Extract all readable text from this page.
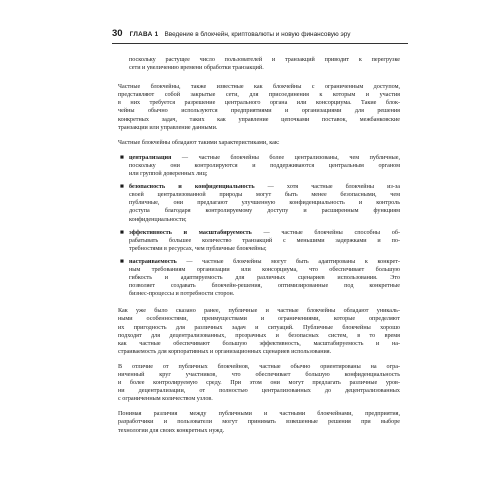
30 ГЛАВА 1 Введение в блокчейн, криптовалюты и новую финансовую эру

поскольку растущее число пользователей и транзакций приводит к перегрузке
сети и увеличению времени обработки транзакций.

Частные блокчейны, также известные как блокчейны с ограниченным доступом,
представляют собой закрытые сети, для присоединения к которым и участия
в них требуется разрешение центрального органа или консорциума. Такие блок-
чейны обычно используются предприятиями и организациями для решения
конкретных задач, таких как управление цепочками поставок, межбанковские
транзакции или управление данными.

Частные блокчейны обладают такими характеристиками, как:

■ централизация — частные блокчейны более централизованы, чем публичные,
поскольку они контролируются и поддерживаются центральным органом
или группой доверенных лиц;
■ безопасность и конфиденциальность — хотя частные блокчейны из-за
своей централизованной природы могут быть менее безопасными, чем
публичные, они предлагают улучшенную конфиденциальность и контроль
доступа благодаря контролируемому доступу и расширенным функциям
конфиденциальности;
■ эффективность и масштабируемость — частные блокчейны способны об-
рабатывать большее количество транзакций с меньшими задержками и по-
требностями в ресурсах, чем публичные блокчейны;
■ настраиваемость — частные блокчейны могут быть адаптированы к конкрет-
ным требованиям организации или консорциума, что обеспечивает большую
гибкость и адаптируемость для различных сценариев использования. Это
позволяет создавать блокчейн-решения, оптимизированные под конкретные
бизнес-процессы и потребности сторон.

Как уже было сказано ранее, публичные и частные блокчейны обладают уникаль-
ными особенностями, преимуществами и ограничениями, которые определяют
их пригодность для различных задач и ситуаций. Публичные блокчейны хорошо
подходят для децентрализованных, прозрачных и безопасных систем, в то время
как частные обеспечивают большую эффективность, масштабируемость и на-
страиваемость для корпоративных и организационных сценариев использования.

В отличие от публичных блокчейнов, частные обычно ориентированы на огра-
ниченный круг участников, что обеспечивает большую конфиденциальность
и более контролируемую среду. При этом они могут предлагать различные уров-
ни децентрализации, от полностью централизованных до децентрализованных
с ограниченным количеством узлов.

Понимая различия между публичными и частными блокчейнами, предприятия,
разработчики и пользователи могут принимать взвешенные решения при выборе
технологии для своих конкретных нужд.
